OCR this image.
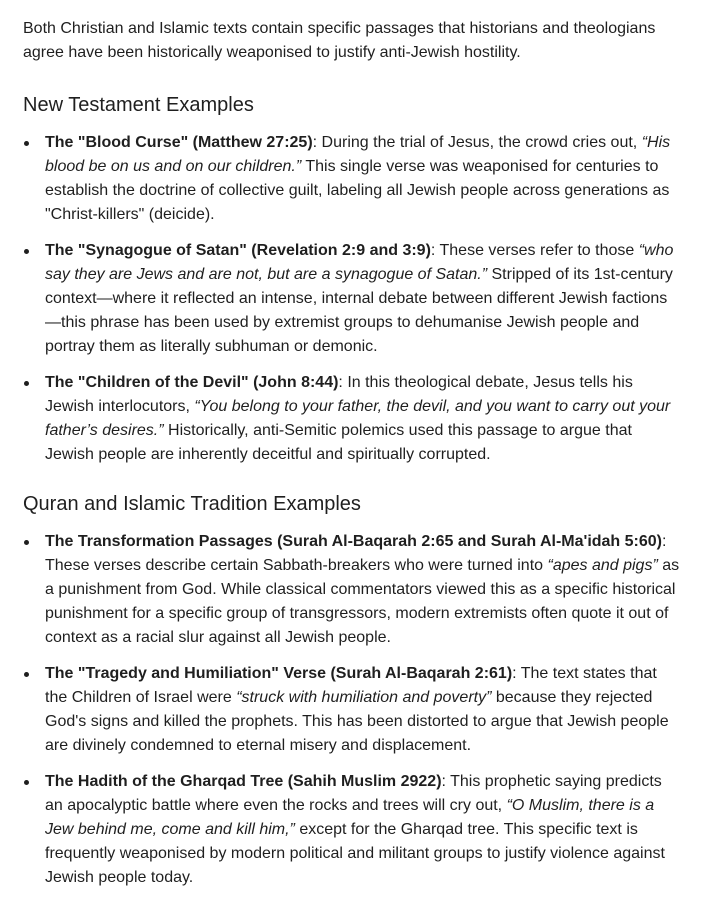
Both Christian and Islamic texts contain specific passages that historians and theologians agree have been historically weaponised to justify anti-Jewish hostility.

New Testament Examples
The "Blood Curse" (Matthew 27:25): During the trial of Jesus, the crowd cries out, “His blood be on us and on our children.” This single verse was weaponised for centuries to establish the doctrine of collective guilt, labeling all Jewish people across generations as "Christ-killers" (deicide).
The "Synagogue of Satan" (Revelation 2:9 and 3:9): These verses refer to those “who say they are Jews and are not, but are a synagogue of Satan.” Stripped of its 1st-century context—where it reflected an intense, internal debate between different Jewish factions—this phrase has been used by extremist groups to dehumanise Jewish people and portray them as literally subhuman or demonic.
The "Children of the Devil" (John 8:44): In this theological debate, Jesus tells his Jewish interlocutors, “You belong to your father, the devil, and you want to carry out your father’s desires.” Historically, anti-Semitic polemics used this passage to argue that Jewish people are inherently deceitful and spiritually corrupted.
Quran and Islamic Tradition Examples
The Transformation Passages (Surah Al-Baqarah 2:65 and Surah Al-Ma'idah 5:60): These verses describe certain Sabbath-breakers who were turned into “apes and pigs” as a punishment from God. While classical commentators viewed this as a specific historical punishment for a specific group of transgressors, modern extremists often quote it out of context as a racial slur against all Jewish people.
The "Tragedy and Humiliation" Verse (Surah Al-Baqarah 2:61): The text states that the Children of Israel were “struck with humiliation and poverty” because they rejected God's signs and killed the prophets. This has been distorted to argue that Jewish people are divinely condemned to eternal misery and displacement.
The Hadith of the Gharqad Tree (Sahih Muslim 2922): This prophetic saying predicts an apocalyptic battle where even the rocks and trees will cry out, “O Muslim, there is a Jew behind me, come and kill him,” except for the Gharqad tree. This specific text is frequently weaponised by modern political and militant groups to justify violence against Jewish people today.
